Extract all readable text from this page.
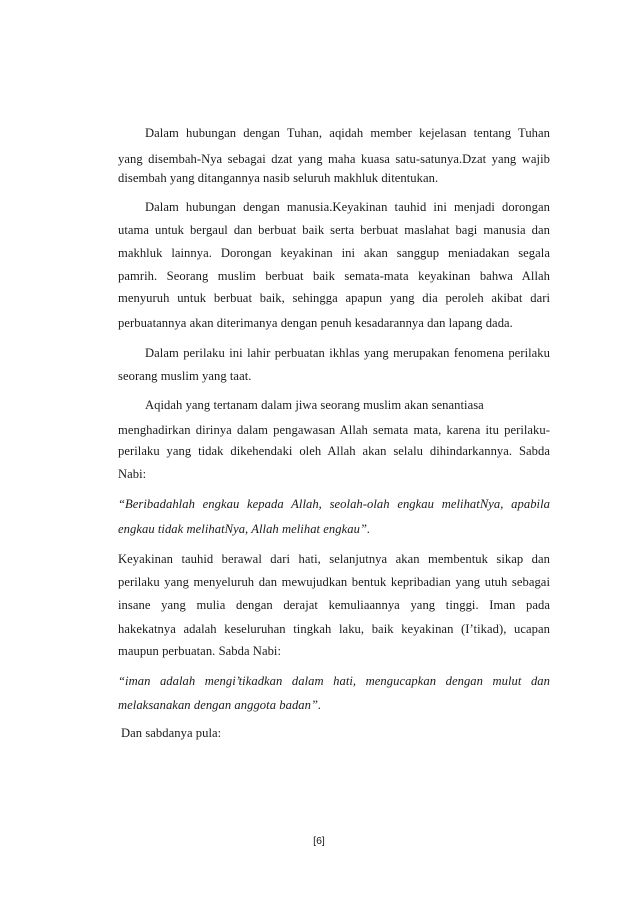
Dalam hubungan dengan Tuhan, aqidah member kejelasan tentang Tuhan
yang disembah-Nya sebagai dzat yang maha kuasa satu-satunya.Dzat yang wajib
disembah yang ditangannya nasib seluruh makhluk ditentukan.
Dalam hubungan dengan manusia.Keyakinan tauhid ini menjadi dorongan
utama untuk bergaul dan berbuat baik serta berbuat maslahat bagi manusia dan
makhluk lainnya. Dorongan keyakinan ini akan sanggup meniadakan segala
pamrih. Seorang muslim berbuat baik semata-mata keyakinan bahwa Allah
menyuruh untuk berbuat baik, sehingga apapun yang dia peroleh akibat dari
perbuatannya akan diterimanya dengan penuh kesadarannya dan lapang dada.
Dalam perilaku ini lahir perbuatan ikhlas yang merupakan fenomena perilaku
seorang muslim yang taat.
Aqidah yang tertanam dalam jiwa seorang muslim akan senantiasa
menghadirkan dirinya dalam pengawasan Allah semata mata, karena itu perilaku-
perilaku yang tidak dikehendaki oleh Allah akan selalu dihindarkannya. Sabda
Nabi:
“Beribadahlah engkau kepada Allah, seolah-olah engkau melihatNya, apabila
engkau tidak melihatNya, Allah melihat engkau”.
Keyakinan tauhid berawal dari hati, selanjutnya akan membentuk sikap dan
perilaku yang menyeluruh dan mewujudkan bentuk kepribadian yang utuh sebagai
insane yang mulia dengan derajat kemuliaannya yang tinggi. Iman pada
hakekatnya adalah keseluruhan tingkah laku, baik keyakinan (I’tikad), ucapan
maupun perbuatan. Sabda Nabi:
“iman adalah mengi’tikadkan dalam hati, mengucapkan dengan mulut dan
melaksanakan dengan anggota badan”.
Dan sabdanya pula:
[6]
